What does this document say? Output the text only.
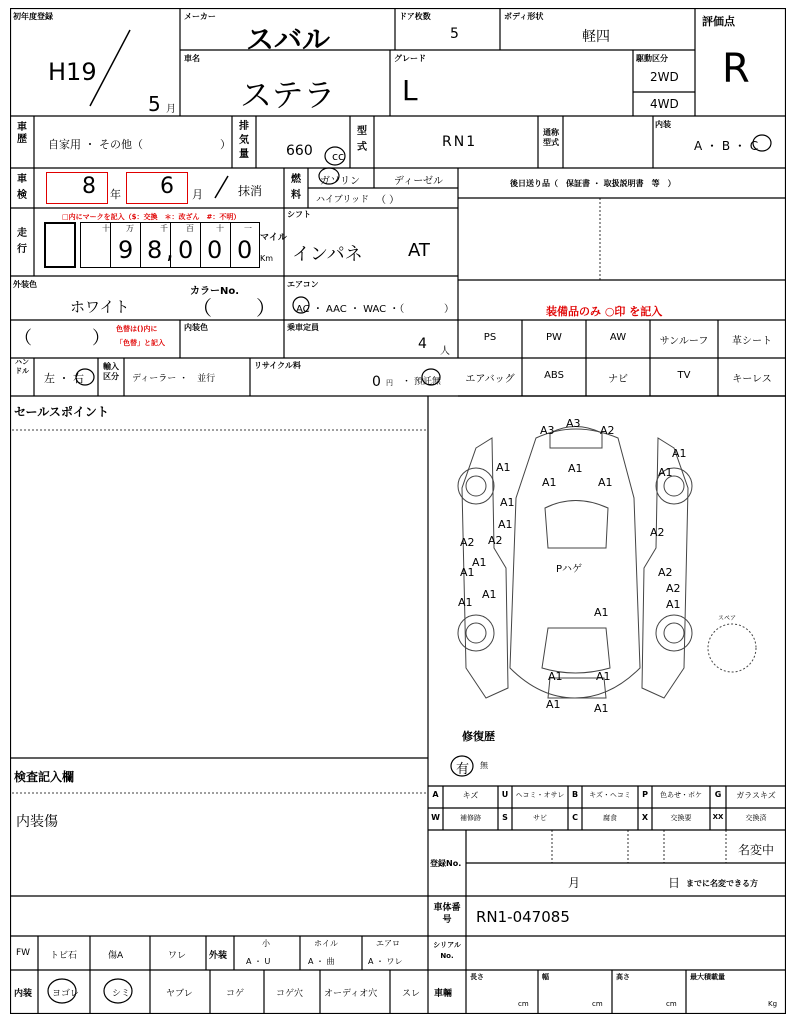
初年度登録
H19
5 月
メーカー
スバル
ドア枚数
5
ボディ形状
軽四
評価点
R
車名
ステラ
グレード
L
駆動区分
2WD
4WD
車歴 自家用 ・ その他（	）
排気量	660 cc
型式	RN1
通称型式
内装
A ・ B ・ C
車検	8 年 6 月	抹消
燃料
ガソリン	ディーゼル
ハイブリッド （ ）
後日送り品（　保証書 ・ 取扱説明書　等　）
走行
□内にマークを記入（$：交換　＊：改ざん　#：不明）
十 万	千 百	十	一
9 8 , 0 0 0 マイル
Km
シフト
インパネ	AT
外装色
ホワイト
カラーNo.
（ ）
エアコン
AC ・ AAC ・ WAC ・（	）	装備品のみ ○印 を記入
（	） 色替は()内に
「色替」と記入
内装色	乗車定員
4 人
PS	PW	AW	サンルーフ	革シート
エアバッグ	ABS	ナビ	TV	キーレス
ハンドル
左 ・ 右
輸入区分	ディーラー ・　並行
リサイクル料
0 円 ・ 預託無
セールスポイント
検査記入欄
内装傷
A3
A3
A2
A1
A1	A1
A1	A1
A1
A1
A1
A2
A2
A1
A1
A1
A1
A2
A2
A2
A1
A1
A1	A1
A1	A1
Pハゲ
スペア
修復歴
有 無
A	キズ	U	ヘコミ・オサレ B	キズ・ヘコミ	P	色あせ・ボケ	G	ガラスキズ
W	補修跡	S	サビ	C	腐食	X	交換要	XX	交換済
登録No.
名変中
月	日 までに名変できる方
車体番号	RN1-047085
FW トビ石	傷A	ワレ	外装
小
A ・ U
ホイル
A ・ 曲
エアロ
A ・ ワレ
シリアルNo.
内装 ヨゴレ	シミ	ヤブレ	コゲ	コゲ穴 オーディオ穴	スレ 車輛
長さ
cm
幅
cm
高さ
cm
最大積載量
Kg
